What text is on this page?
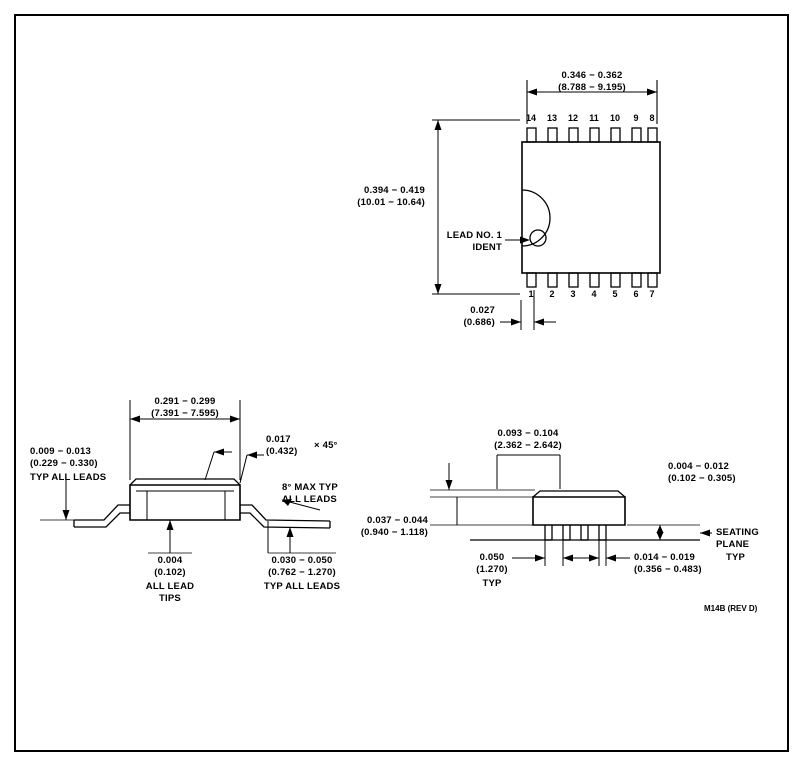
0.346 − 0.362
(8.788 − 9.195)
0.394 − 0.419
(10.01 − 10.64)
LEAD NO. 1
IDENT
0.027
(0.686)
14 13 12 11 10	9	8
1	2	3	4	5	6	7
0.291 − 0.299
(7.391 − 7.595)
0.009 − 0.013
(0.229 − 0.330)
TYP ALL LEADS
0.017
(0.432)
× 45°
8° MAX TYP
ALL LEADS
0.004
(0.102)
ALL LEAD
TIPS
0.030 − 0.050
(0.762 − 1.270)
TYP ALL LEADS
0.093 − 0.104
(2.362 − 2.642)
0.004 − 0.012
(0.102 − 0.305)
SEATING
PLANE
0.037 − 0.044
(0.940 − 1.118)
0.050
(1.270)
TYP
0.014 − 0.019
(0.356 − 0.483)
TYP
M14B (REV D)
